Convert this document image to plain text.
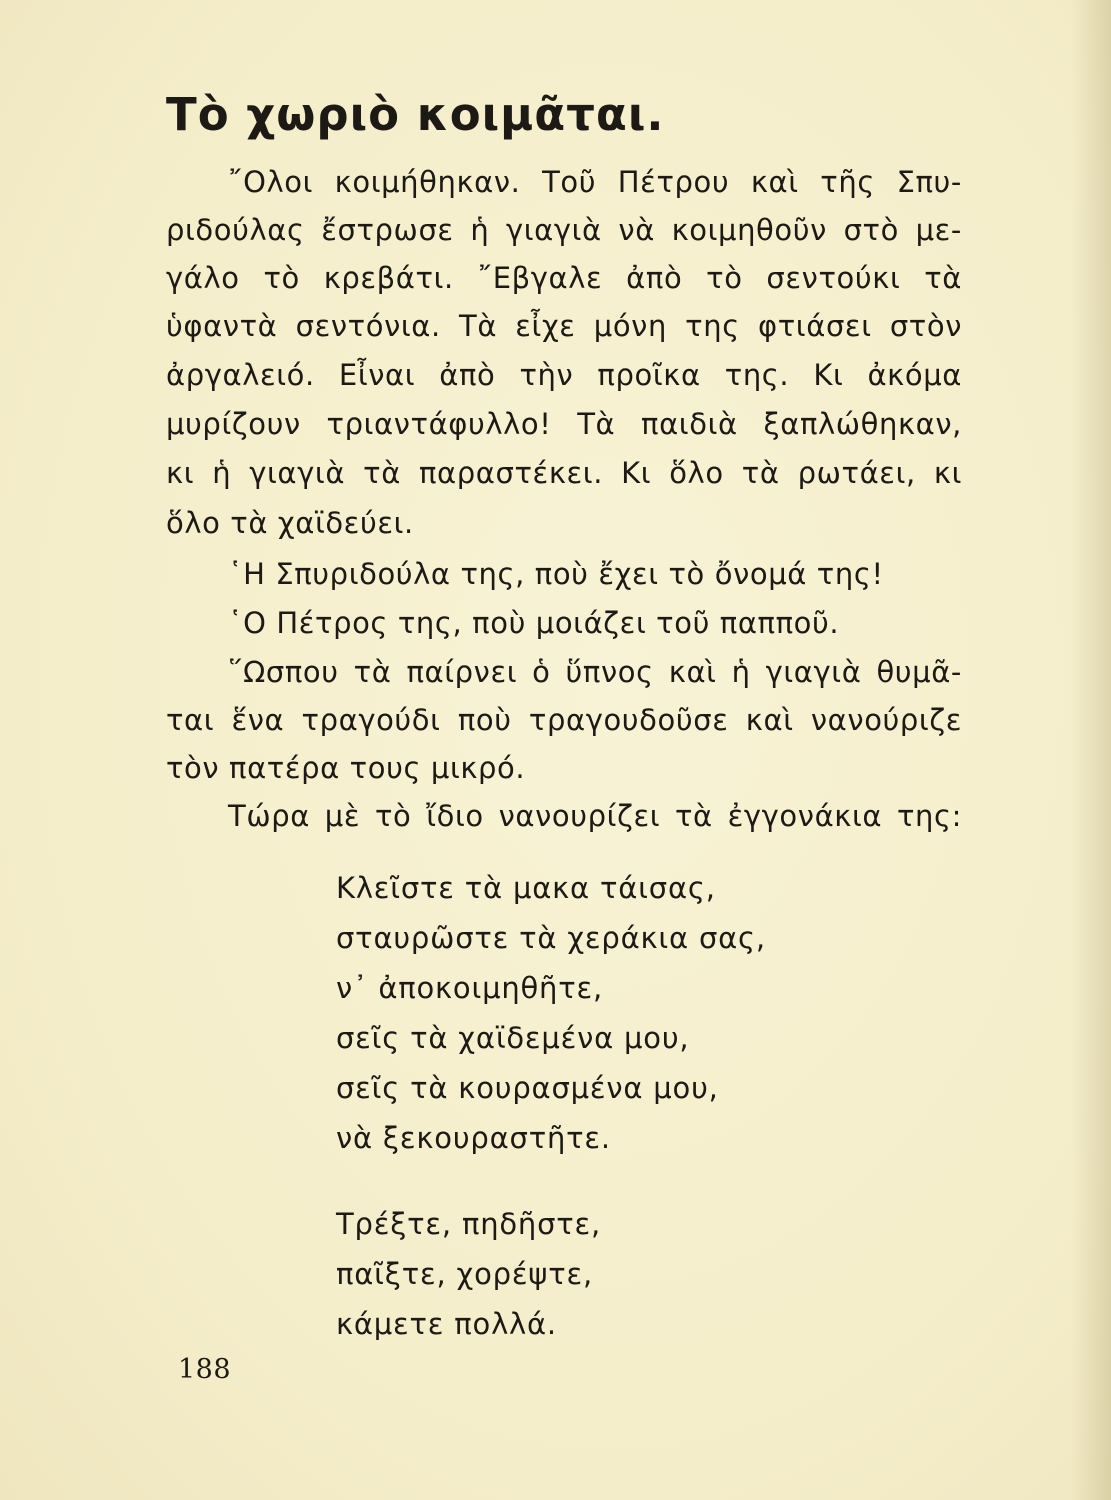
Τὸ χωριὸ κοιμᾶται.
῎Ολοι κοιμήθηκαν. Τοῦ Πέτρου καὶ τῆς Σπυ-
ριδούλας ἔστρωσε ἡ γιαγιὰ νὰ κοιμηθοῦν στὸ με-
γάλο τὸ κρεβάτι. ῎Εβγαλε ἀπὸ τὸ σεντούκι τὰ
ὑφαντὰ σεντόνια. Τὰ εἶχε μόνη της φτιάσει στὸν
ἀργαλειό. Εἶναι ἀπὸ τὴν προῖκα της. Κι ἀκόμα
μυρίζουν τριαντάφυλλο! Τὰ παιδιὰ ξαπλώθηκαν,
κι ἡ γιαγιὰ τὰ παραστέκει. Κι ὅλο τὰ ρωτάει, κι
ὅλο τὰ χαϊδεύει.
῾Η Σπυριδούλα της, ποὺ ἔχει τὸ ὄνομά της!
῾Ο Πέτρος της, ποὺ μοιάζει τοῦ παπποῦ.
῞Ωσπου τὰ παίρνει ὁ ὕπνος καὶ ἡ γιαγιὰ θυμᾶ-
ται ἕνα τραγούδι ποὺ τραγουδοῦσε καὶ νανούριζε
τὸν πατέρα τους μικρό.
Τώρα μὲ τὸ ἴδιο νανουρίζει τὰ ἐγγονάκια της:
Κλεῖστε τὰ μακα τάισας,
σταυρῶστε τὰ χεράκια σας,
ν᾽ ἀποκοιμηθῆτε,
σεῖς τὰ χαϊδεμένα μου,
σεῖς τὰ κουρασμένα μου,
νὰ ξεκουραστῆτε.
Τρέξτε, πηδῆστε,
παῖξτε, χορέψτε,
κάμετε πολλά.
188
